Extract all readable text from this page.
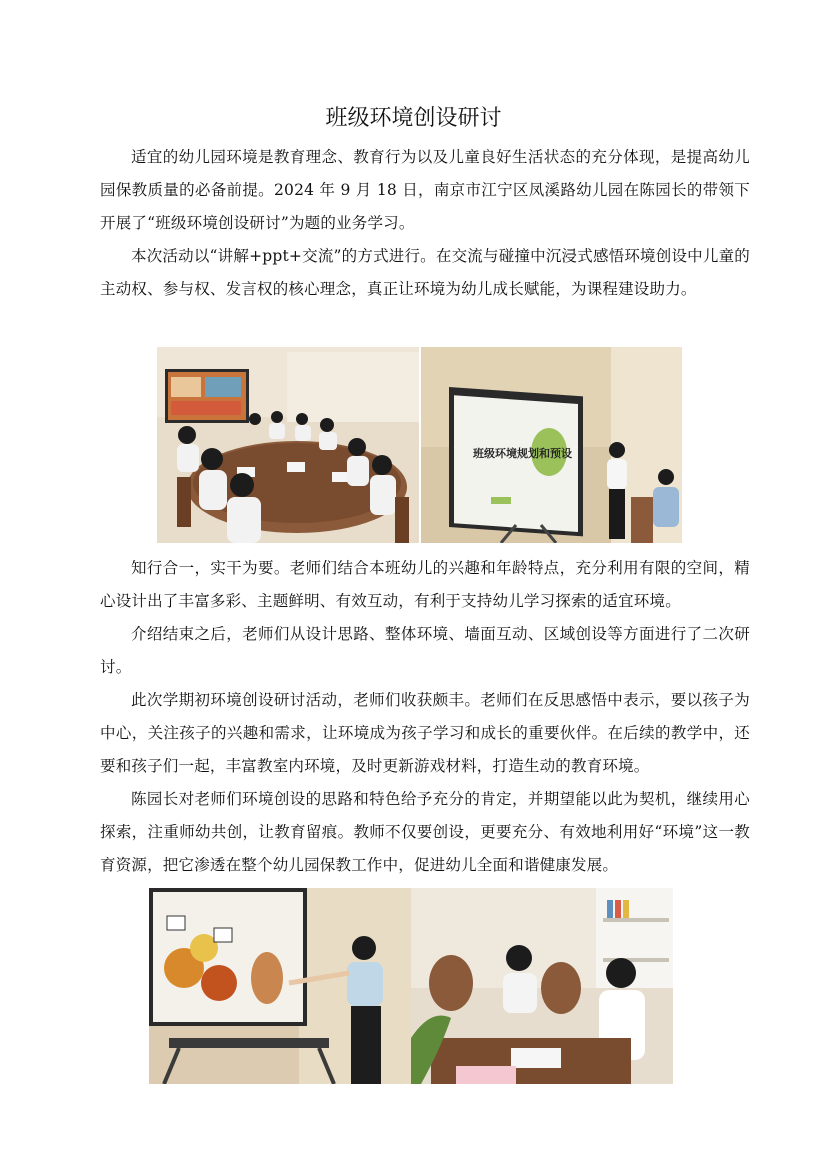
班级环境创设研讨

适宜的幼儿园环境是教育理念、教育行为以及儿童良好生活状态的充分体现，是提高幼儿园保教质量的必备前提。2024 年 9 月 18 日，南京市江宁区凤溪路幼儿园在陈园长的带领下开展了“班级环境创设研讨”为题的业务学习。

本次活动以“讲解+ppt+交流”的方式进行。在交流与碰撞中沉浸式感悟环境创设中儿童的主动权、参与权、发言权的核心理念，真正让环境为幼儿成长赋能，为课程建设助力。

班级环境规划和预设

知行合一，实干为要。老师们结合本班幼儿的兴趣和年龄特点，充分利用有限的空间，精心设计出了丰富多彩、主题鲜明、有效互动，有利于支持幼儿学习探索的适宜环境。

介绍结束之后，老师们从设计思路、整体环境、墙面互动、区域创设等方面进行了二次研讨。

此次学期初环境创设研讨活动，老师们收获颇丰。老师们在反思感悟中表示，要以孩子为中心，关注孩子的兴趣和需求，让环境成为孩子学习和成长的重要伙伴。在后续的教学中，还要和孩子们一起，丰富教室内环境，及时更新游戏材料，打造生动的教育环境。

陈园长对老师们环境创设的思路和特色给予充分的肯定，并期望能以此为契机，继续用心探索，注重师幼共创，让教育留痕。教师不仅要创设，更要充分、有效地利用好“环境”这一教育资源，把它渗透在整个幼儿园保教工作中，促进幼儿全面和谐健康发展。
